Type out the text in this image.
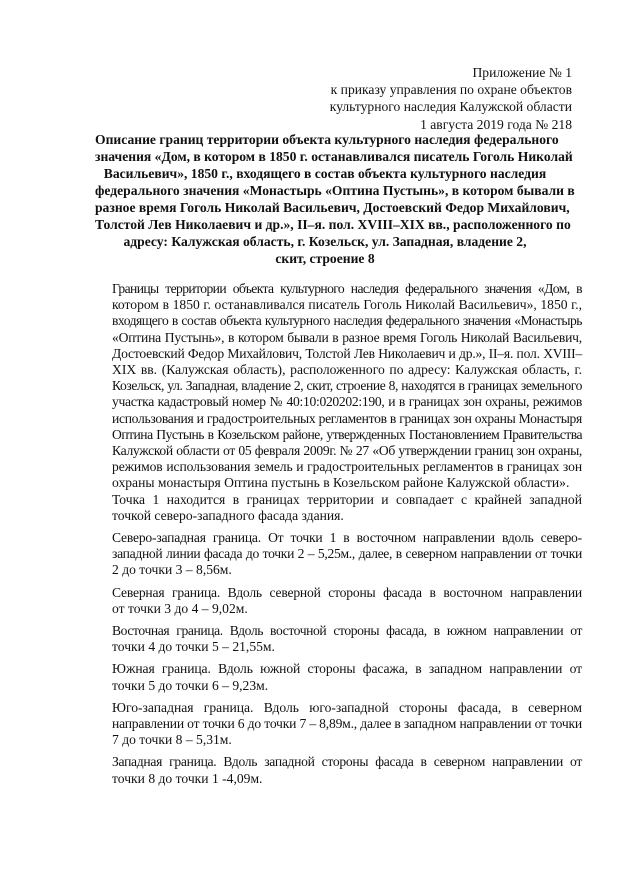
Приложение № 1
к приказу управления по охране объектов
культурного наследия Калужской области
1 августа 2019 года № 218
Описание границ территории объекта культурного наследия федерального
значения «Дом, в котором в 1850 г. останавливался писатель Гоголь Николай
Васильевич», 1850 г., входящего в состав объекта культурного наследия
федерального значения «Монастырь «Оптина Пустынь», в котором бывали в
разное время Гоголь Николай Васильевич, Достоевский Федор Михайлович,
Толстой Лев Николаевич и др.», II–я. пол. XVIII–XIX вв., расположенного по
адресу: Калужская область, г. Козельск, ул. Западная, владение 2,
скит, строение 8

Границы территории объекта культурного наследия федерального значения «Дом, в
котором в 1850 г. останавливался писатель Гоголь Николай Васильевич», 1850 г.,
входящего в состав объекта культурного наследия федерального значения «Монастырь
«Оптина Пустынь», в котором бывали в разное время Гоголь Николай Васильевич,
Достоевский Федор Михайлович, Толстой Лев Николаевич и др.», II–я. пол. XVIII–
XIX вв. (Калужская область), расположенного по адресу: Калужская область, г.
Козельск, ул. Западная, владение 2, скит, строение 8, находятся в границах земельного
участка кадастровый номер № 40:10:020202:190, и в границах зон охраны, режимов
использования и градостроительных регламентов в границах зон охраны Монастыря
Оптина Пустынь в Козельском районе, утвержденных Постановлением Правительства
Калужской области от 05 февраля 2009г. № 27 «Об утверждении границ зон охраны,
режимов использования земель и градостроительных регламентов в границах зон
охраны монастыря Оптина пустынь в Козельском районе Калужской области».

Точка 1 находится в границах территории и совпадает с крайней западной
точкой северо-западного фасада здания.

Северо-западная граница. От точки 1 в восточном направлении вдоль северо-
западной линии фасада до точки 2 – 5,25м., далее, в северном направлении от точки
2 до точки 3 – 8,56м.

Северная граница. Вдоль северной стороны фасада в восточном направлении
от точки 3 до 4 – 9,02м.

Восточная граница. Вдоль восточной стороны фасада, в южном направлении от
точки 4 до точки 5 – 21,55м.

Южная граница. Вдоль южной стороны фасажа, в западном направлении от
точки 5 до точки 6 – 9,23м.

Юго-западная граница. Вдоль юго-западной стороны фасада, в северном
направлении от точки 6 до точки 7 – 8,89м., далее в западном направлении от точки
7 до точки 8 – 5,31м.

Западная граница. Вдоль западной стороны фасада в северном направлении от
точки 8 до точки 1 -4,09м.
